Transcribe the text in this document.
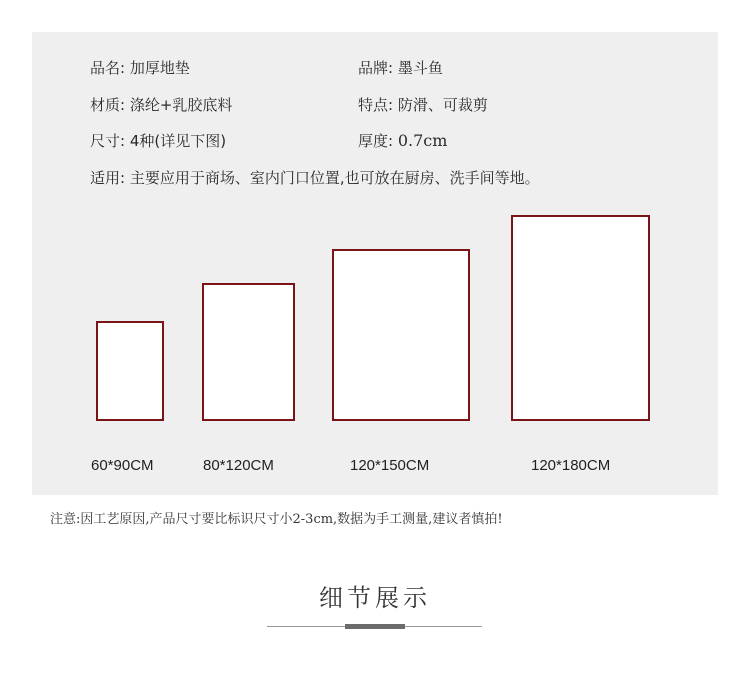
品名: 加厚地垫	品牌: 墨斗鱼
材质: 涤纶+乳胶底料	特点: 防滑、可裁剪
尺寸: 4种(详见下图)	厚度: 0.7cm
适用: 主要应用于商场、室内门口位置,也可放在厨房、洗手间等地。
60*90CM	80*120CM	120*150CM	120*180CM
注意:因工艺原因,产品尺寸要比标识尺寸小2-3cm,数据为手工测量,建议者慎拍!
细节展示
